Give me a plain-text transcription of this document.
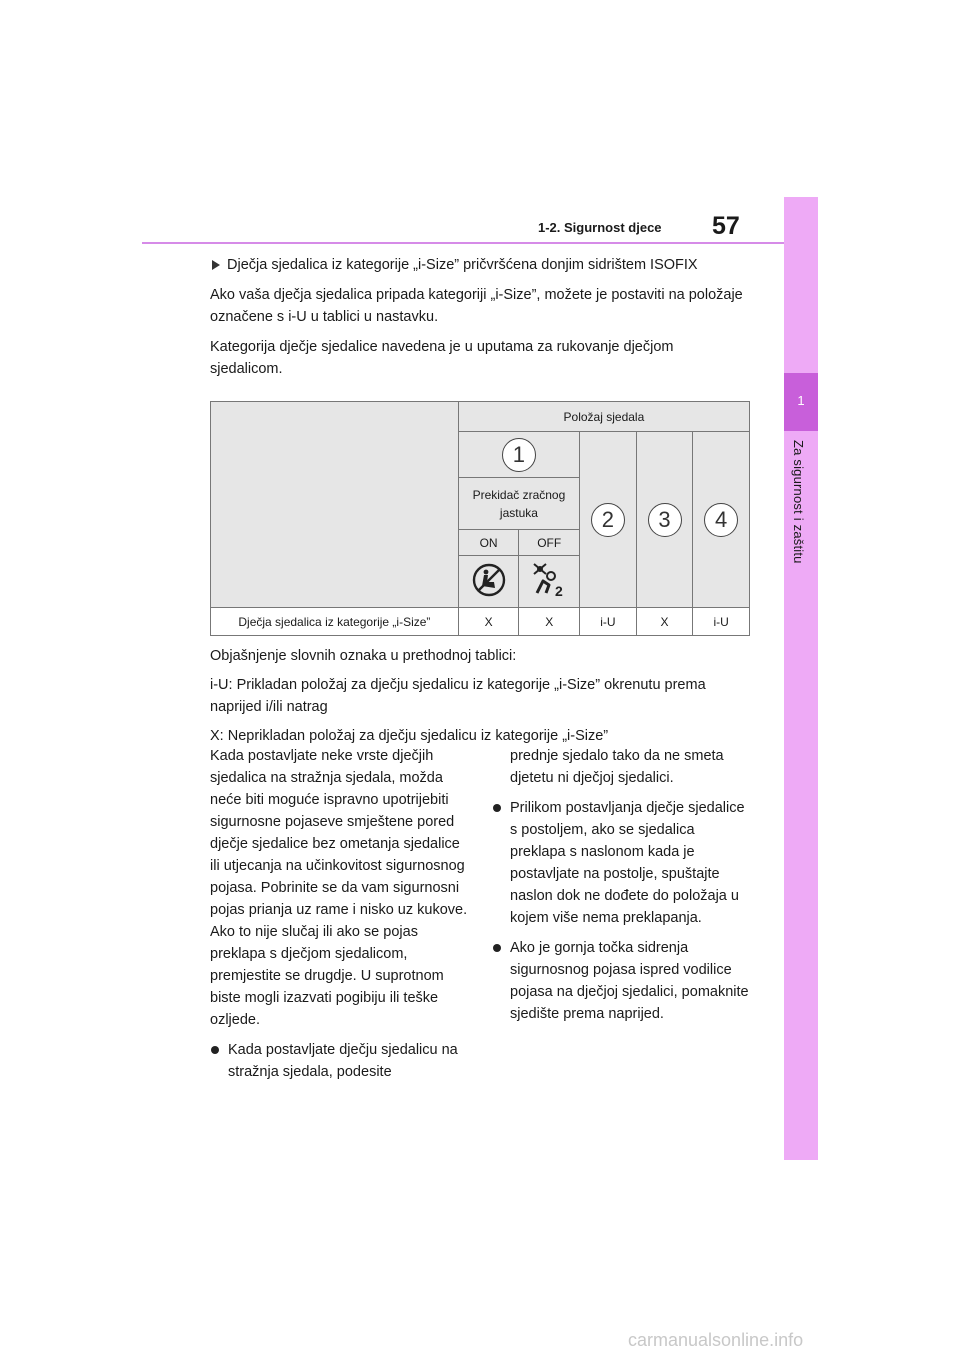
57
1-2. Sigurnost djece
1
Za sigurnost i zaštitu

Dječja sjedalica iz kategorije „i-Size” pričvršćena donjim sidrištem ISOFIX

Ako vaša dječja sjedalica pripada kategoriji „i-Size”, možete je postaviti na položaje označene s i-U u tablici u nastavku.

Kategorija dječje sjedalice navedena je u uputama za rukovanje dječjom sjedalicom.

	Položaj sjedala				
	1		2	3	4
	Prekidač zračnog jastuka				
	ON	OFF			

2			

Dječja sjedalica iz kategorije „i-Size”	X	X	i-U	X	i-U

Objašnjenje slovnih oznaka u prethodnoj tablici:

i-U: Prikladan položaj za dječju sjedalicu iz kategorije „i-Size” okrenutu prema naprijed i/ili natrag

X: Neprikladan položaj za dječju sjedalicu iz kategorije „i-Size”

Kada postavljate neke vrste dječjih sjedalica na stražnja sjedala, možda neće biti moguće ispravno upotrijebiti sigurnosne pojaseve smještene pored dječje sjedalice bez ometanja sjedalice ili utjecanja na učinkovitost sigurnosnog pojasa. Pobrinite se da vam sigurnosni pojas prianja uz rame i nisko uz kukove. Ako to nije slučaj ili ako se pojas preklapa s dječjom sjedalicom, premjestite se drugdje. U suprotnom biste mogli izazvati pogibiju ili teške ozljede.

Kada postavljate dječju sjedalicu na stražnja sjedala, podesite

prednje sjedalo tako da ne smeta djetetu ni dječjoj sjedalici.

Prilikom postavljanja dječje sjedalice s postoljem, ako se sjedalica preklapa s naslonom kada je postavljate na postolje, spuštajte naslon dok ne dođete do položaja u kojem više nema preklapanja.

Ako je gornja točka sidrenja sigurnosnog pojasa ispred vodilice pojasa na dječjoj sjedalici, pomaknite sjedište prema naprijed.

carmanualsonline.info
